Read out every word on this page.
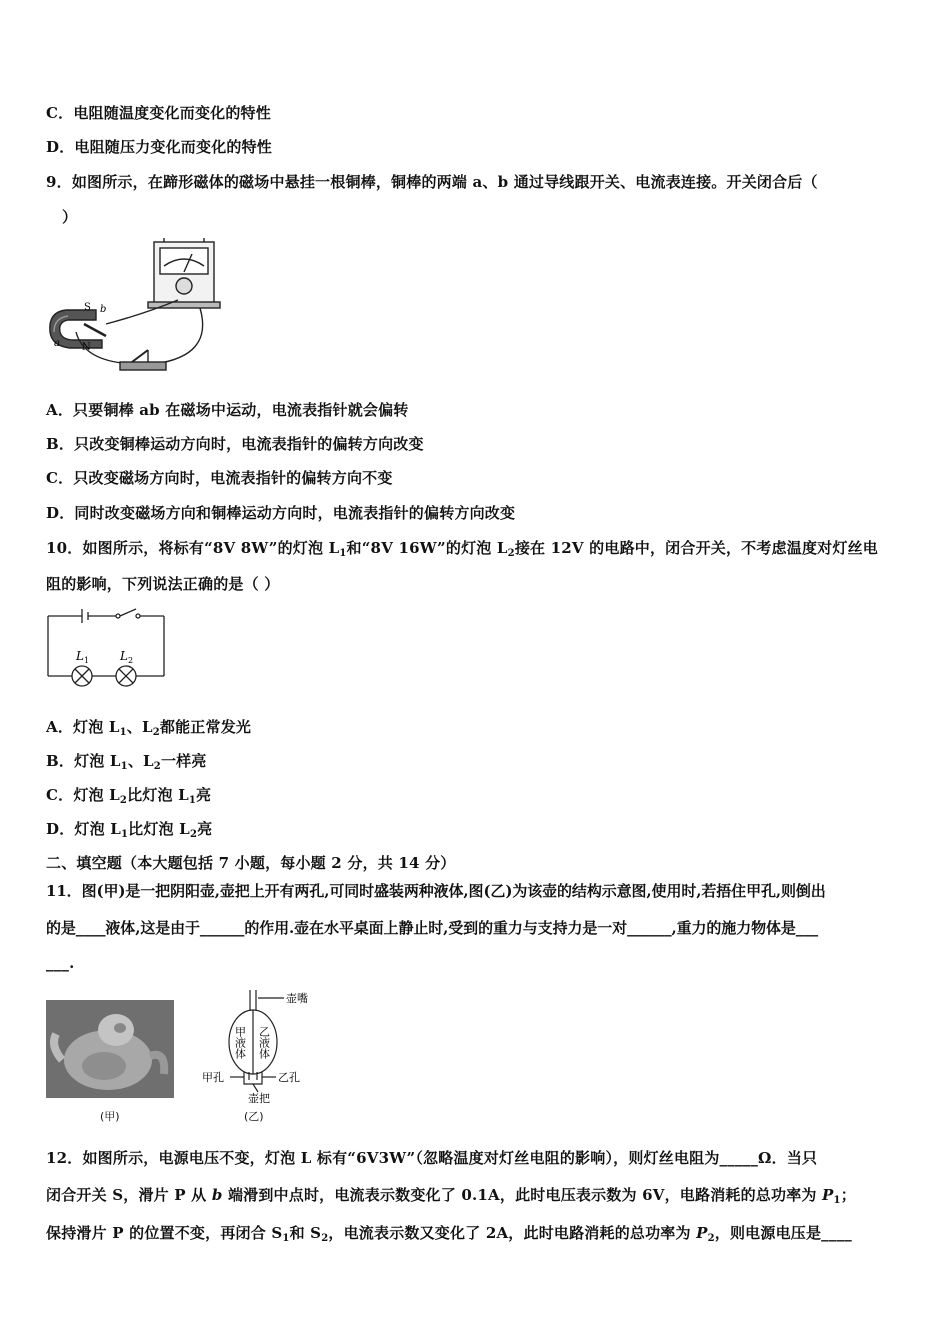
C．电阻随温度变化而变化的特性
D．电阻随压力变化而变化的特性
9．如图所示，在蹄形磁体的磁场中悬挂一根铜棒，铜棒的两端 a、b 通过导线跟开关、电流表连接。开关闭合后（
）
S b
a N
A．只要铜棒 ab 在磁场中运动，电流表指针就会偏转
B．只改变铜棒运动方向时，电流表指针的偏转方向改变
C．只改变磁场方向时，电流表指针的偏转方向不变
D．同时改变磁场方向和铜棒运动方向时，电流表指针的偏转方向改变
10．如图所示，将标有“8V 8W”的灯泡 $L_1$和“8V 16W”的灯泡 $L_2$接在 12V 的电路中，闭合开关，不考虑温度对灯丝电
阻的影响，下列说法正确的是（ ）
L 1	L 2
A．灯泡 $L_1$、$L_2$都能正常发光
B．灯泡 $L_1$、$L_2$一样亮
C．灯泡 $L_2$比灯泡 $L_1$亮
D．灯泡 $L_1$比灯泡 $L_2$亮
二、填空题（本大题包括 7 小题，每小题 2 分，共 14 分）
11．图(甲)是一把阴阳壶,壶把上开有两孔,可同时盛装两种液体,图(乙)为该壶的结构示意图,使用时,若捂住甲孔,则倒出
的是____液体,这是由于______的作用.壶在水平桌面上静止时,受到的重力与支持力是一对______,重力的施力物体是___
___.
(甲)
壶嘴
甲液体 乙液体
甲孔	乙孔
壶把
(乙)
12．如图所示，电源电压不变，灯泡 L 标有“6V3W”（忽略温度对灯丝电阻的影响），则灯丝电阻为_____Ω．当只
闭合开关 S，滑片 P 从 b 端滑到中点时，电流表示数变化了 0.1A，此时电压表示数为 6V，电路消耗的总功率为 $P_1$；
保持滑片 P 的位置不变，再闭合 $S_1$和 $S_2$，电流表示数又变化了 2A，此时电路消耗的总功率为 $P_2$，则电源电压是____
